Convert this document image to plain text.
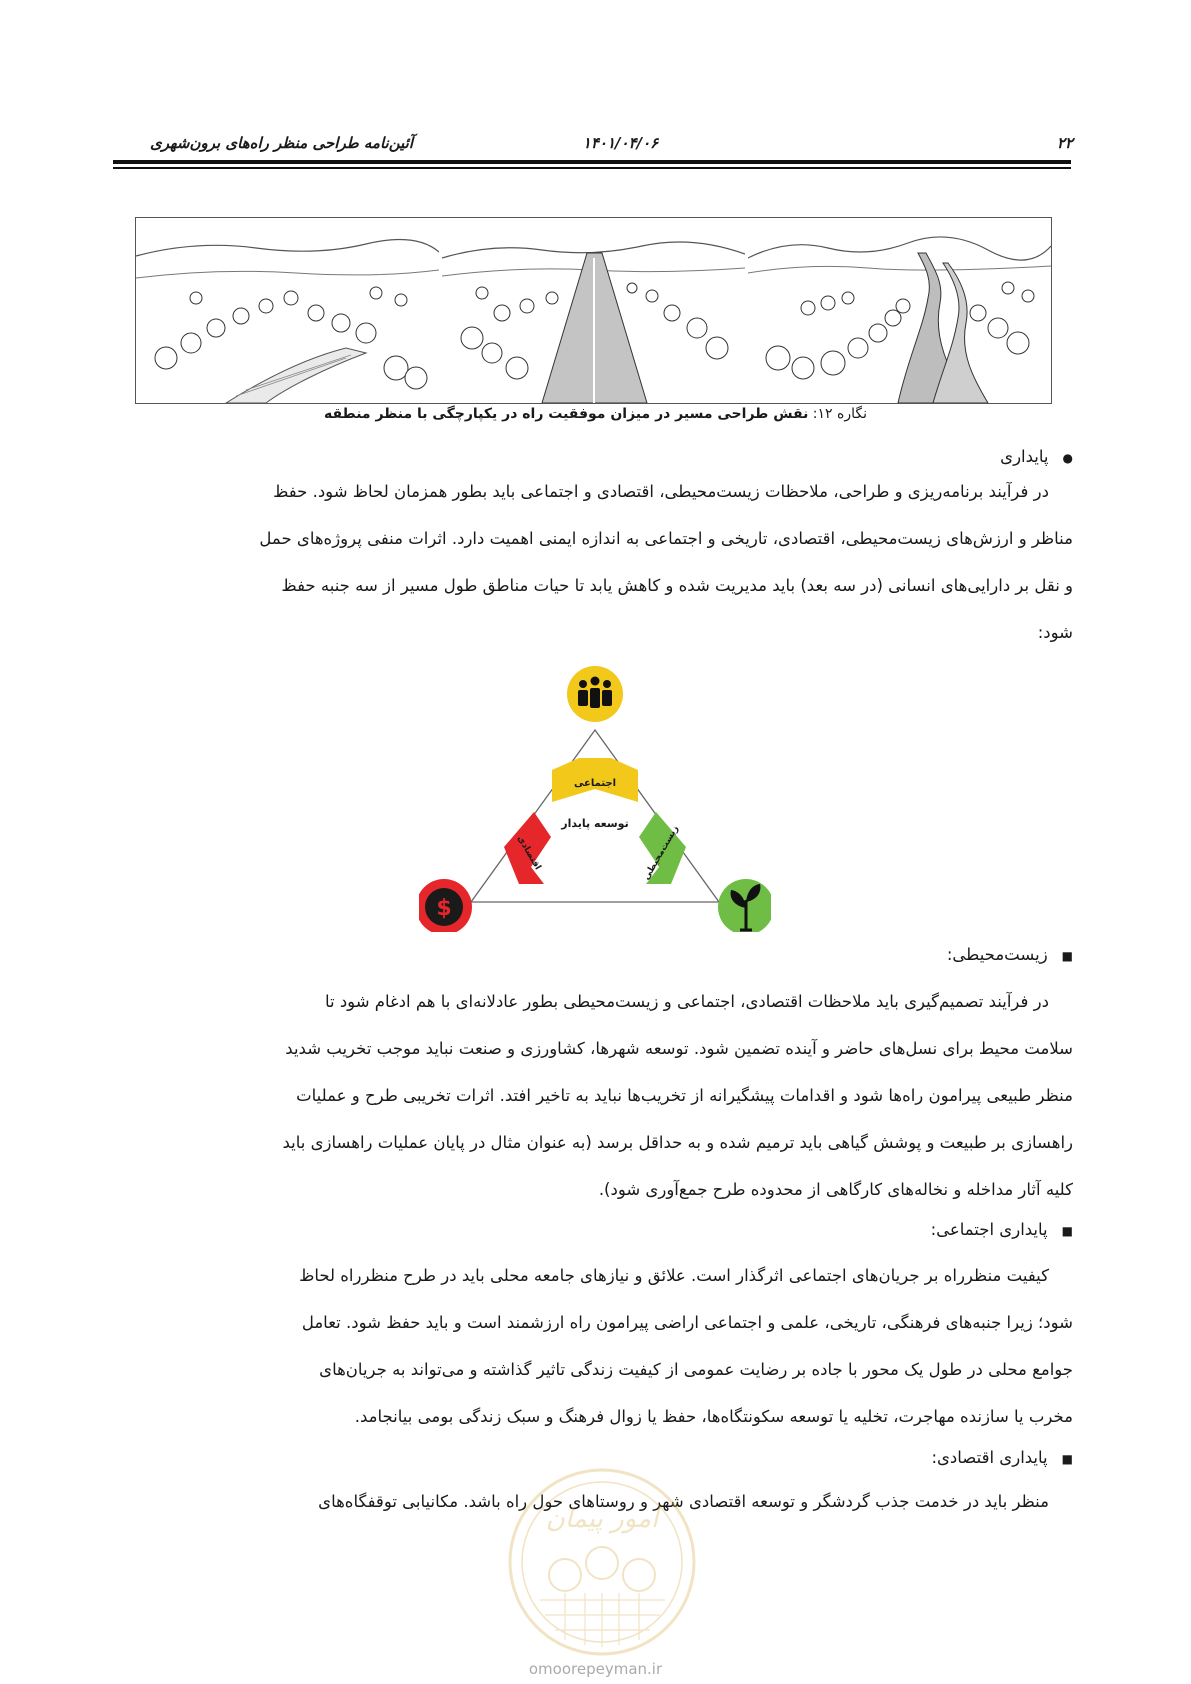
۲۲
۱۴۰۱/۰۴/۰۶
آئین‌نامه طراحی منظر راه‌های برون‌شهری
نگاره ۱۲: نقش طراحی مسیر در میزان موفقیت راه در یکپارچگی با منظر منطقه
●پایداری
در فرآیند برنامه‌ریزی و طراحی، ملاحظات زیست‌محیطی، اقتصادی و اجتماعی باید بطور همزمان لحاظ شود. حفظ
مناظر و ارزش‌های زیست‌محیطی، اقتصادی، تاریخی و اجتماعی به اندازه ایمنی اهمیت دارد. اثرات منفی پروژه‌های حمل
و نقل بر دارایی‌های انسانی (در سه بعد) باید مدیریت شده و کاهش یابد تا حیات مناطق طول مسیر از سه جنبه حفظ
شود:
$
اجتماعی
اقتصادی	زیست‌محیطی
توسعه پایدار
■زیست‌محیطی:
در فرآیند تصمیم‌گیری باید ملاحظات اقتصادی، اجتماعی و زیست‌محیطی بطور عادلانه‌ای با هم ادغام شود تا
سلامت محیط برای نسل‌های حاضر و آینده تضمین شود. توسعه شهرها، کشاورزی و صنعت نباید موجب تخریب شدید
منظر طبیعی پیرامون راه‌ها شود و اقدامات پیشگیرانه از تخریب‌ها نباید به تاخیر افتد. اثرات تخریبی طرح و عملیات
راهسازی بر طبیعت و پوشش گیاهی باید ترمیم شده و به حداقل برسد (به عنوان مثال در پایان عملیات راهسازی باید
کلیه آثار مداخله و نخاله‌های کارگاهی از محدوده طرح جمع‌آوری شود).
■پایداری اجتماعی:
کیفیت منظرراه بر جریان‌های اجتماعی اثرگذار است. علائق و نیازهای جامعه محلی باید در طرح منظرراه لحاظ
شود؛ زیرا جنبه‌های فرهنگی، تاریخی، علمی و اجتماعی اراضی پیرامون راه ارزشمند است و باید حفظ شود. تعامل
جوامع محلی در طول یک محور با جاده بر رضایت عمومی از کیفیت زندگی تاثیر گذاشته و می‌تواند به جریان‌های
مخرب یا سازنده مهاجرت، تخلیه یا توسعه سکونتگاه‌ها، حفظ یا زوال فرهنگ و سبک زندگی بومی بیانجامد.
■پایداری اقتصادی:
منظر باید در خدمت جذب گردشگر و توسعه اقتصادی شهر و روستاهای حول راه باشد. مکانیابی توقفگاه‌های
امور پیمان
omoorepeyman.ir
